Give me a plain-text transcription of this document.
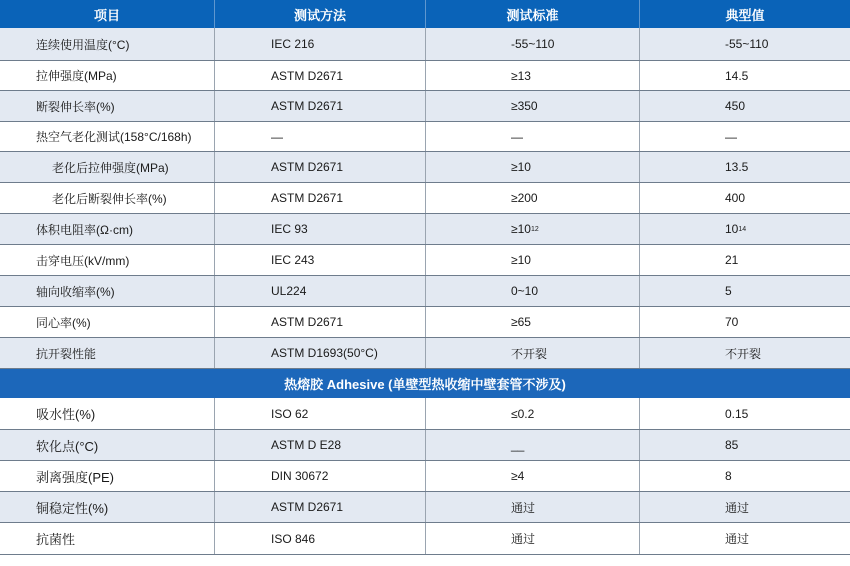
项目	测试方法	测试标准	典型值
热熔胶 Adhesive (单壁型热收缩中壁套管不涉及)
连续使用温度(°C)	IEC 216	-55~110	-55~110
拉伸强度(MPa)	ASTM D2671	≥13	14.5
断裂伸长率(%)	ASTM D2671	≥350	450
热空气老化测试(158°C/168h)	—	—	—
老化后拉伸强度(MPa)	ASTM D2671	≥10	13.5
老化后断裂伸长率(%)	ASTM D2671	≥200	400
体积电阻率(Ω·cm)	IEC 93	≥10 12	10 14
击穿电压(kV/mm)	IEC 243	≥10	21
轴向收缩率(%)	UL224	0~10	5
同心率(%)	ASTM D2671	≥65	70
抗开裂性能	ASTM D1693(50°C)	不开裂	不开裂
吸水性(%)	ISO 62	≤0.2	0.15
软化点(°C)	ASTM D E28	__	85
剥离强度(PE)	DIN 30672	≥4	8
铜稳定性(%)	ASTM D2671	通过	通过
抗菌性	ISO 846	通过	通过
